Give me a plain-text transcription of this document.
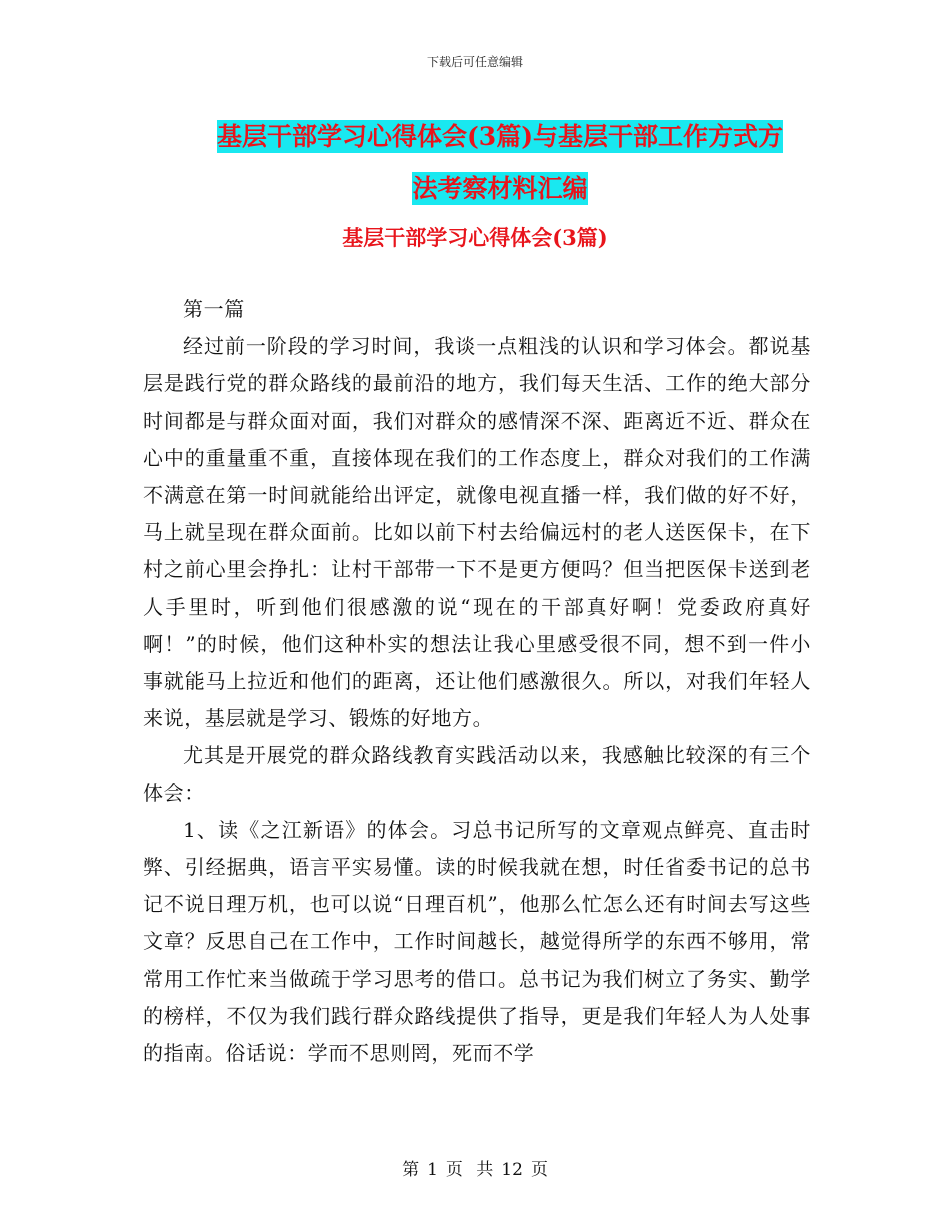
下载后可任意编辑
基层干部学习心得体会(3篇)与基层干部工作方式方
法考察材料汇编
基层干部学习心得体会(3篇)

第一篇

经过前一阶段的学习时间，我谈一点粗浅的认识和学习体会。都说基层是践行党的群众路线的最前沿的地方，我们每天生活、工作的绝大部分时间都是与群众面对面，我们对群众的感情深不深、距离近不近、群众在心中的重量重不重，直接体现在我们的工作态度上，群众对我们的工作满不满意在第一时间就能给出评定，就像电视直播一样，我们做的好不好，马上就呈现在群众面前。比如以前下村去给偏远村的老人送医保卡，在下村之前心里会挣扎：让村干部带一下不是更方便吗？但当把医保卡送到老人手里时，听到他们很感激的说“现在的干部真好啊！党委政府真好啊！”的时候，他们这种朴实的想法让我心里感受很不同，想不到一件小事就能马上拉近和他们的距离，还让他们感激很久。所以，对我们年轻人来说，基层就是学习、锻炼的好地方。

尤其是开展党的群众路线教育实践活动以来，我感触比较深的有三个体会：

1、读《之江新语》的体会。习总书记所写的文章观点鲜亮、直击时弊、引经据典，语言平实易懂。读的时候我就在想，时任省委书记的总书记不说日理万机，也可以说“日理百机”，他那么忙怎么还有时间去写这些文章？反思自己在工作中，工作时间越长，越觉得所学的东西不够用，常常用工作忙来当做疏于学习思考的借口。总书记为我们树立了务实、勤学的榜样，不仅为我们践行群众路线提供了指导，更是我们年轻人为人处事的指南。俗话说：学而不思则罔，死而不学

第 1 页 共 12 页
